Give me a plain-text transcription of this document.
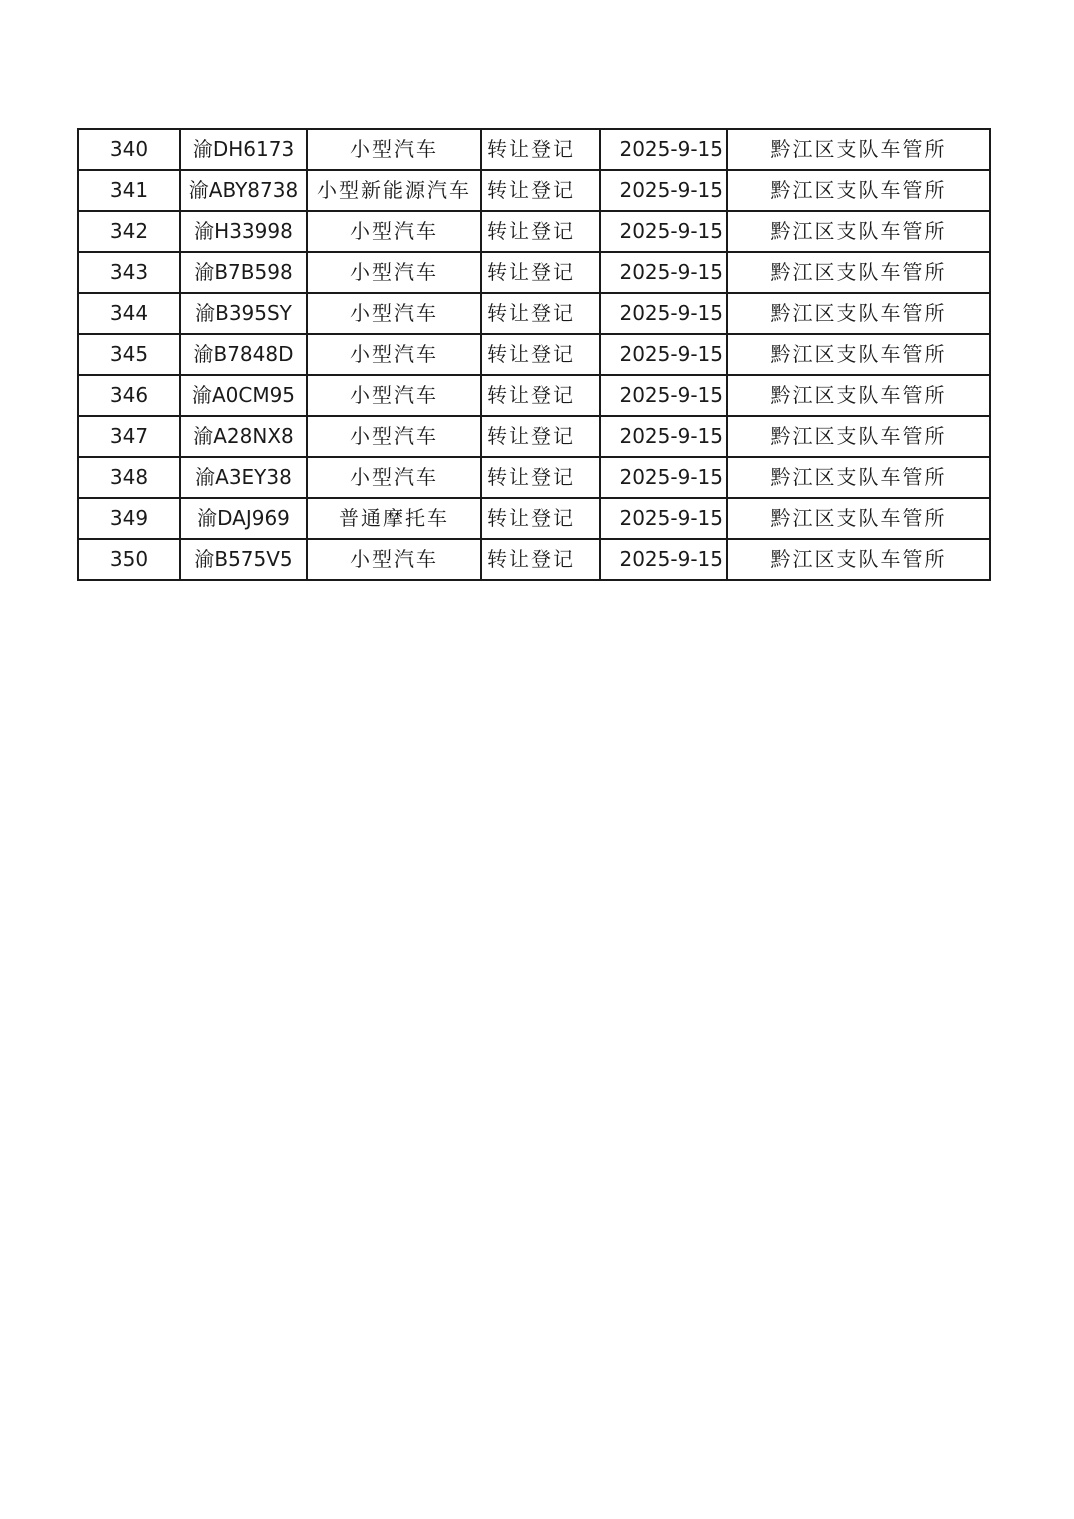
340	渝DH6173	小型汽车	转让登记	2025-9-15	黔江区支队车管所
341	渝ABY8738	小型新能源汽车	转让登记	2025-9-15	黔江区支队车管所
342	渝H33998	小型汽车	转让登记	2025-9-15	黔江区支队车管所
343	渝B7B598	小型汽车	转让登记	2025-9-15	黔江区支队车管所
344	渝B395SY	小型汽车	转让登记	2025-9-15	黔江区支队车管所
345	渝B7848D	小型汽车	转让登记	2025-9-15	黔江区支队车管所
346	渝A0CM95	小型汽车	转让登记	2025-9-15	黔江区支队车管所
347	渝A28NX8	小型汽车	转让登记	2025-9-15	黔江区支队车管所
348	渝A3EY38	小型汽车	转让登记	2025-9-15	黔江区支队车管所
349	渝DAJ969	普通摩托车	转让登记	2025-9-15	黔江区支队车管所
350	渝B575V5	小型汽车	转让登记	2025-9-15	黔江区支队车管所
